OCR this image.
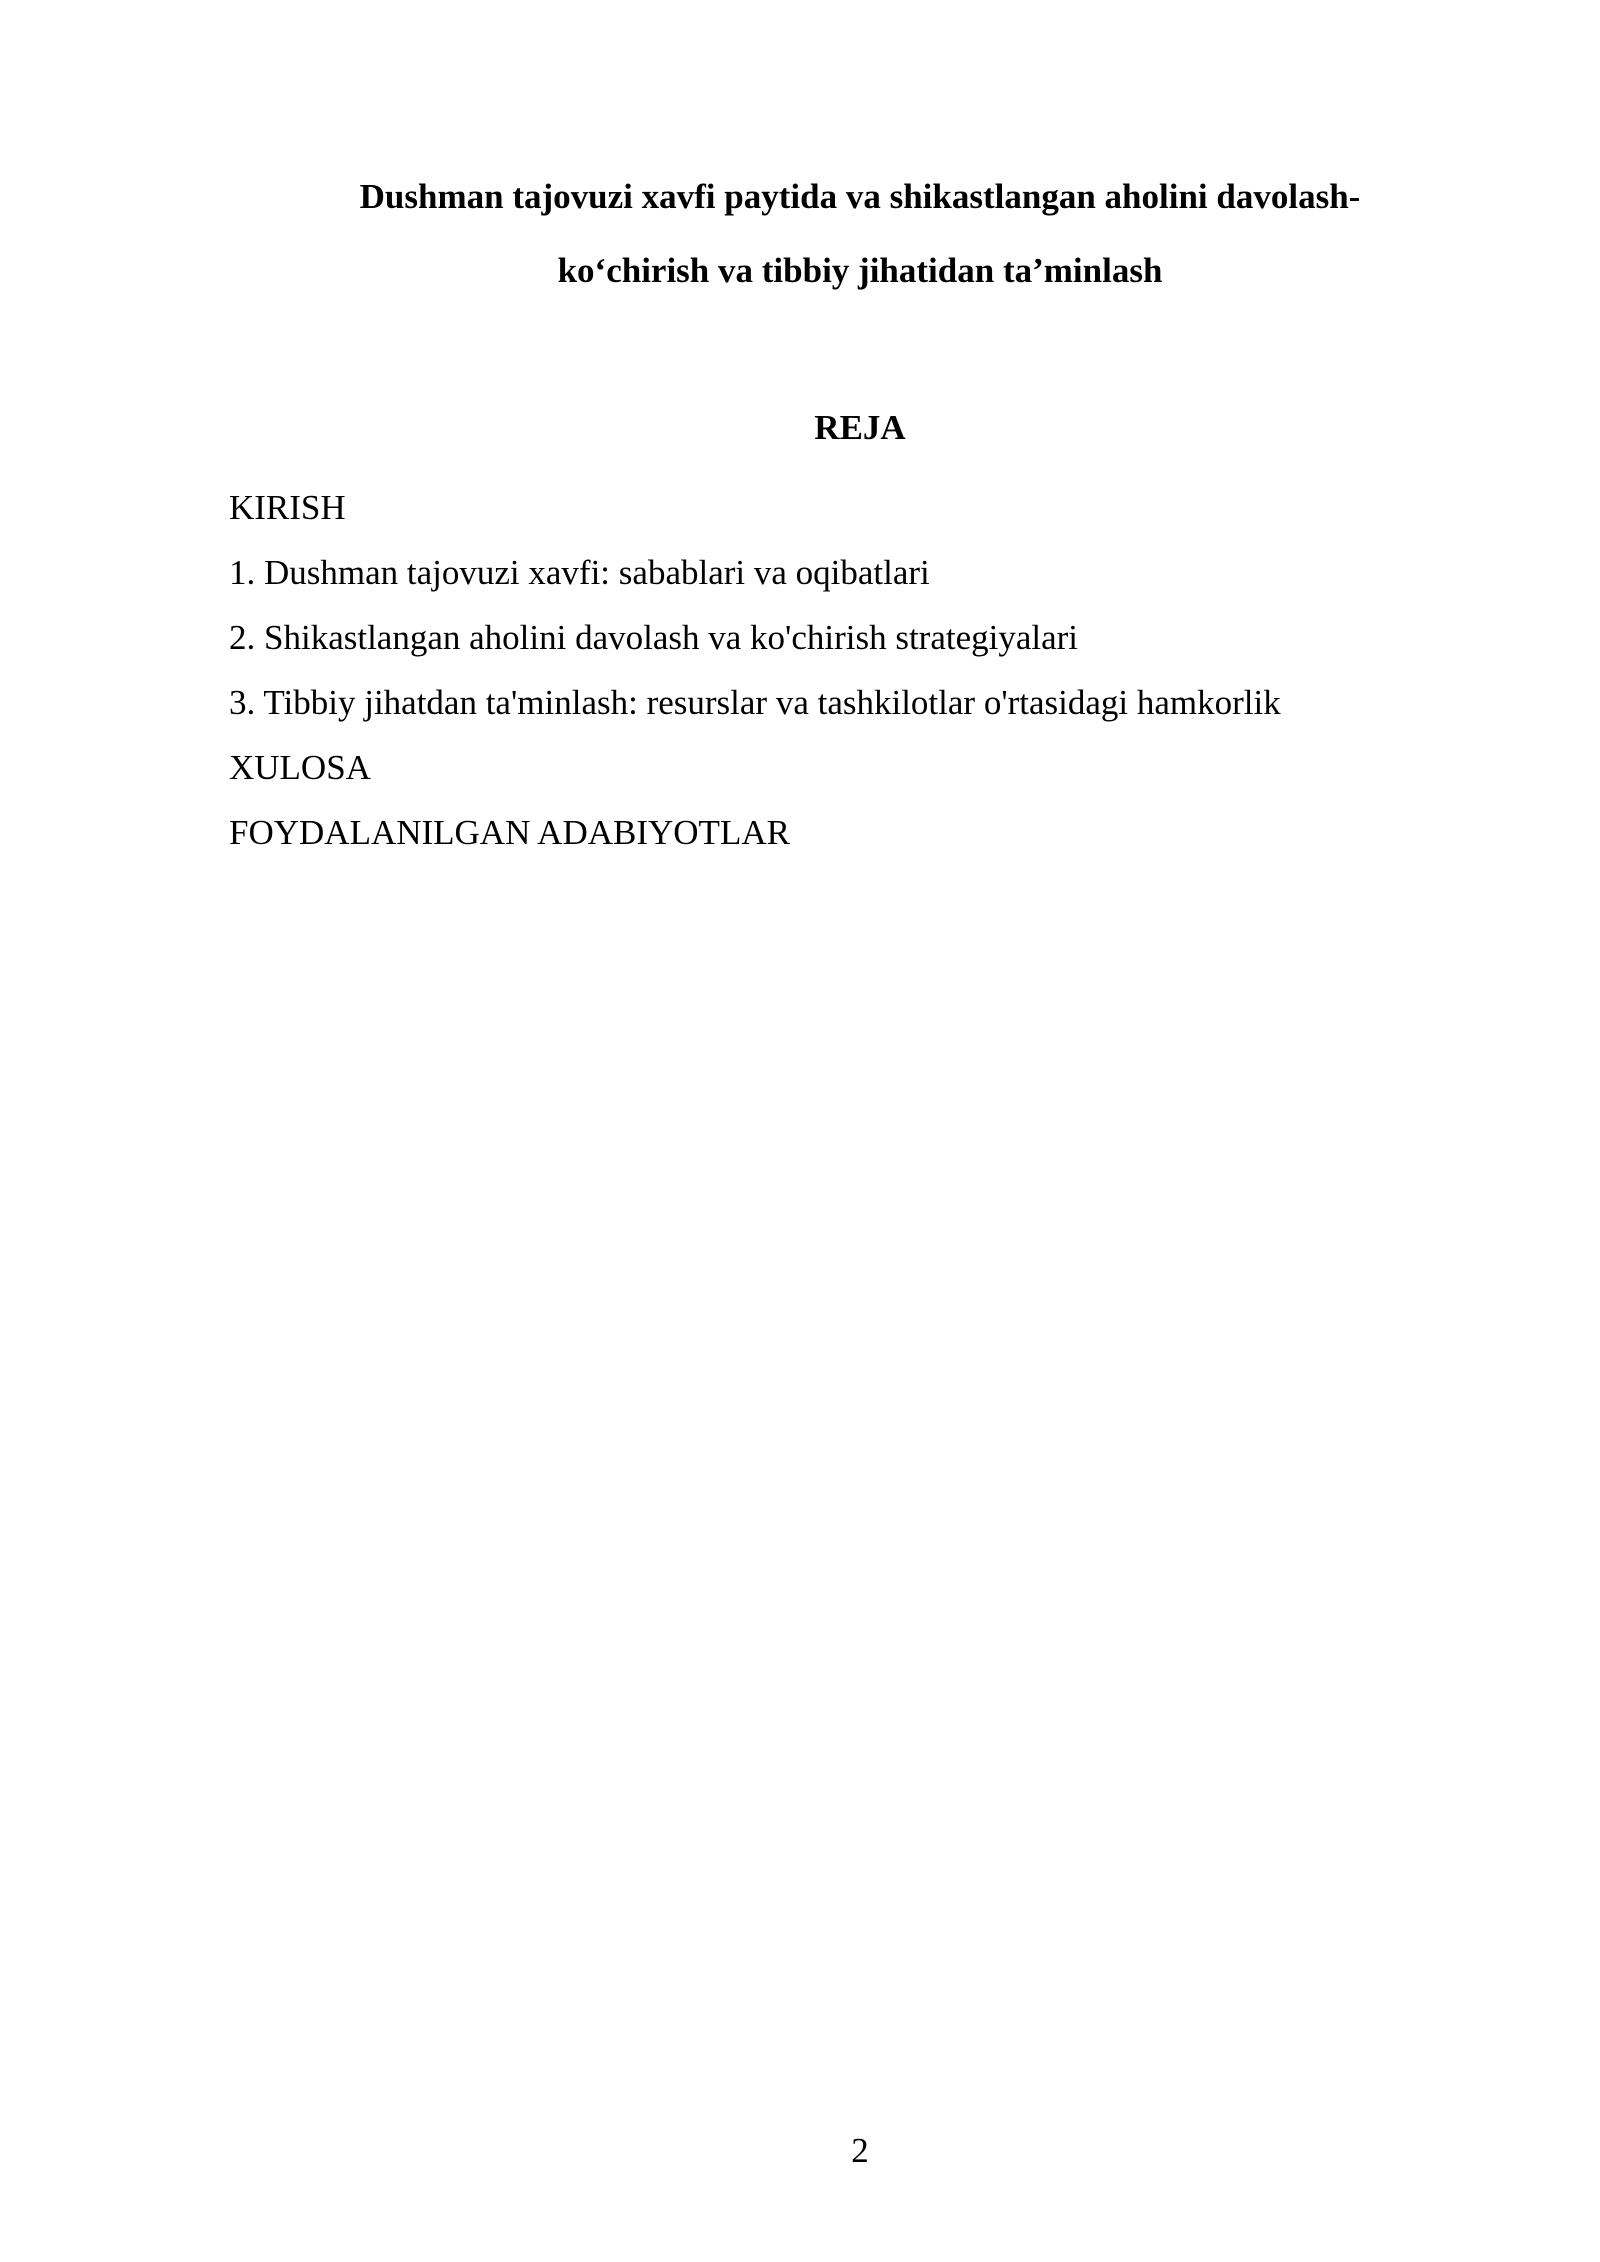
Dushman tajovuzi xavfi paytida va shikastlangan aholini davolash-
ko‘chirish va tibbiy jihatidan ta’minlash
REJA
KIRISH
1. Dushman tajovuzi xavfi: sabablari va oqibatlari
2. Shikastlangan aholini davolash va ko'chirish strategiyalari
3. Tibbiy jihatdan ta'minlash: resurslar va tashkilotlar o'rtasidagi hamkorlik
XULOSA
FOYDALANILGAN ADABIYOTLAR
2
